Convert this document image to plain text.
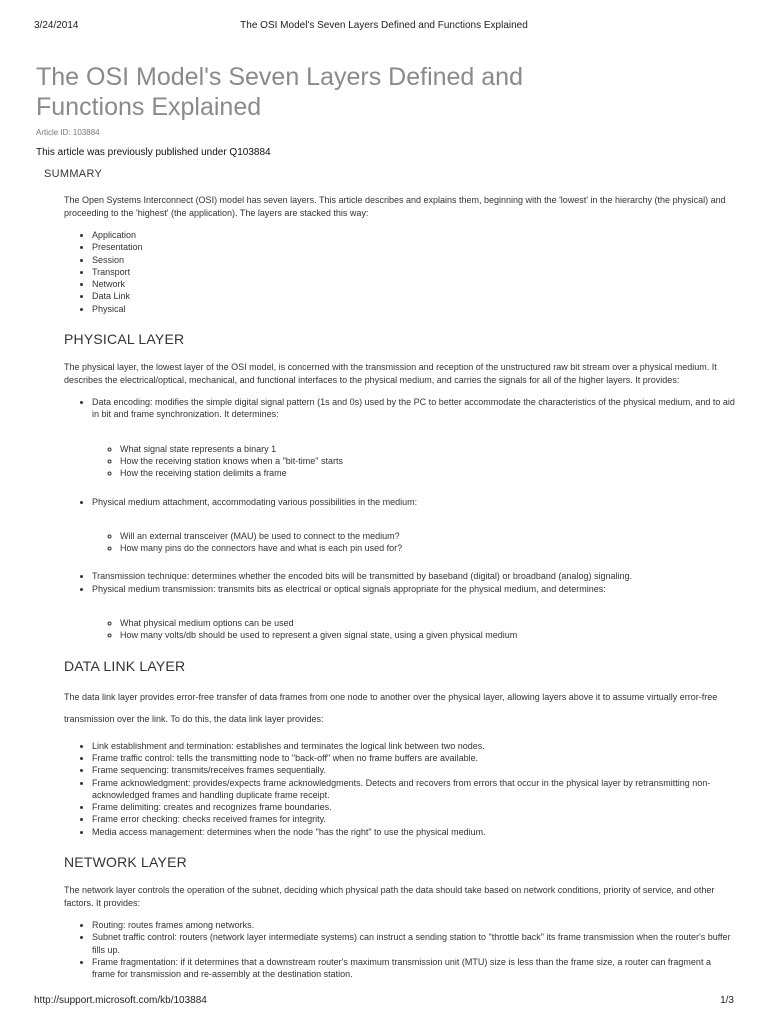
3/24/2014	The OSI Model's Seven Layers Defined and Functions Explained
The OSI Model's Seven Layers Defined and Functions Explained
Article ID: 103884
This article was previously published under Q103884
SUMMARY

The Open Systems Interconnect (OSI) model has seven layers. This article describes and explains them, beginning with the 'lowest' in the hierarchy (the physical) and proceeding to the 'highest' (the application). The layers are stacked this way:

• Application
• Presentation
• Session
• Transport
• Network
• Data Link
• Physical
PHYSICAL LAYER

The physical layer, the lowest layer of the OSI model, is concerned with the transmission and reception of the unstructured raw bit stream over a physical medium. It describes the electrical/optical, mechanical, and functional interfaces to the physical medium, and carries the signals for all of the higher layers. It provides:

• Data encoding: modifies the simple digital signal pattern (1s and 0s) used by the PC to better accommodate the characteristics of the physical medium, and to aid in bit and frame synchronization. It determines:
◦ What signal state represents a binary 1
◦ How the receiving station knows when a "bit-time" starts
◦ How the receiving station delimits a frame
• Physical medium attachment, accommodating various possibilities in the medium:
◦ Will an external transceiver (MAU) be used to connect to the medium?
◦ How many pins do the connectors have and what is each pin used for?
• Transmission technique: determines whether the encoded bits will be transmitted by baseband (digital) or broadband (analog) signaling.
• Physical medium transmission: transmits bits as electrical or optical signals appropriate for the physical medium, and determines:
◦ What physical medium options can be used
◦ How many volts/db should be used to represent a given signal state, using a given physical medium
DATA LINK LAYER

The data link layer provides error-free transfer of data frames from one node to another over the physical layer, allowing layers above it to assume virtually error-free transmission over the link. To do this, the data link layer provides:

• Link establishment and termination: establishes and terminates the logical link between two nodes.
• Frame traffic control: tells the transmitting node to "back-off" when no frame buffers are available.
• Frame sequencing: transmits/receives frames sequentially.
• Frame acknowledgment: provides/expects frame acknowledgments. Detects and recovers from errors that occur in the physical layer by retransmitting non-acknowledged frames and handling duplicate frame receipt.
• Frame delimiting: creates and recognizes frame boundaries.
• Frame error checking: checks received frames for integrity.
• Media access management: determines when the node "has the right" to use the physical medium.
NETWORK LAYER

The network layer controls the operation of the subnet, deciding which physical path the data should take based on network conditions, priority of service, and other factors. It provides:

• Routing: routes frames among networks.
• Subnet traffic control: routers (network layer intermediate systems) can instruct a sending station to "throttle back" its frame transmission when the router's buffer fills up.
• Frame fragmentation: if it determines that a downstream router's maximum transmission unit (MTU) size is less than the frame size, a router can fragment a frame for transmission and re-assembly at the destination station.
http://support.microsoft.com/kb/103884	1/3
